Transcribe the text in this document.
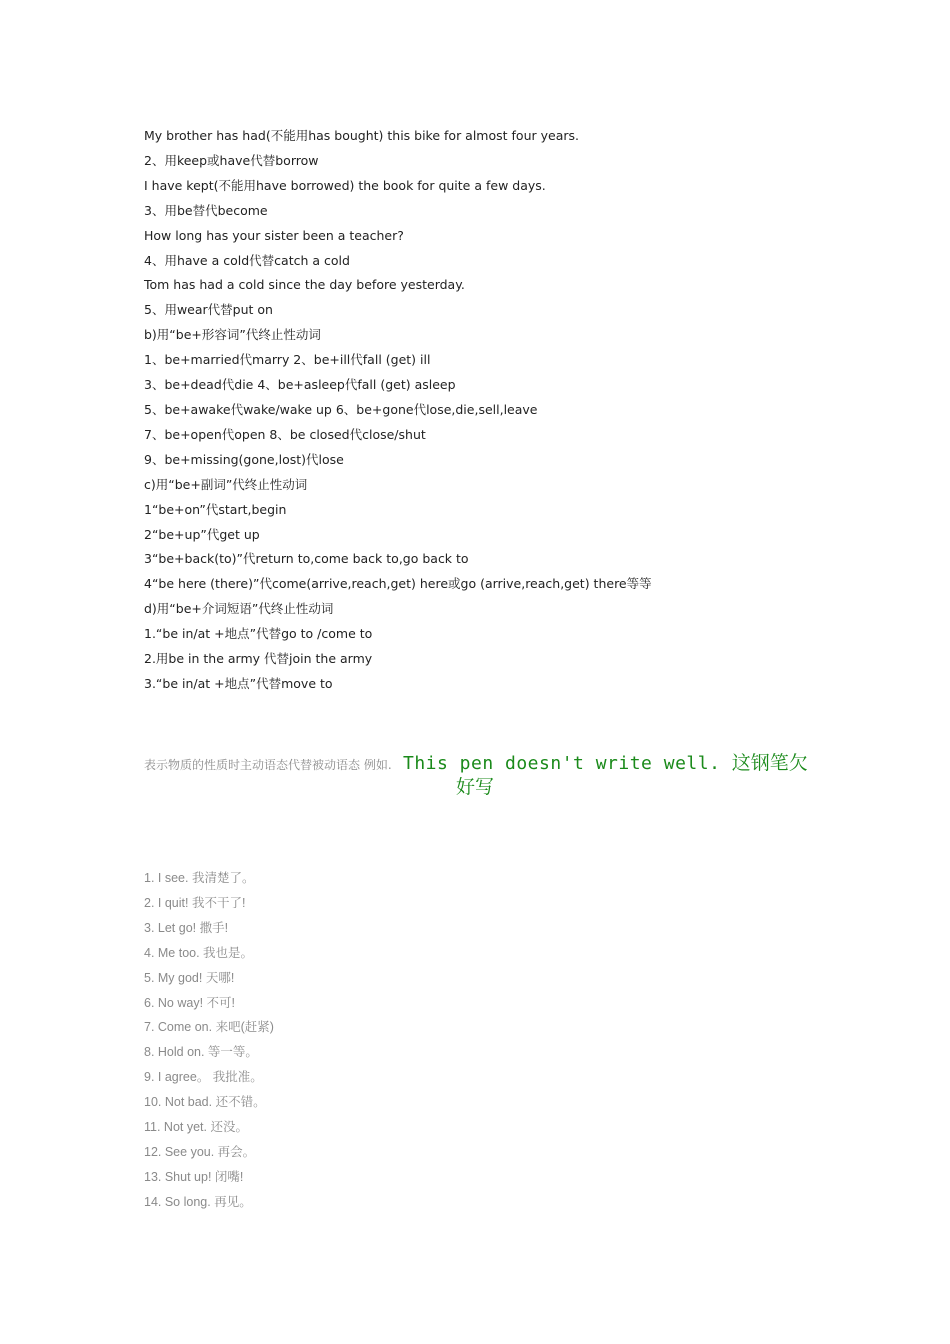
My brother has had(不能用has bought) this bike for almost four years.
2、用keep或have代替borrow
I have kept(不能用have borrowed) the book for quite a few days.
3、用be替代become
How long has your sister been a teacher?
4、用have a cold代替catch a cold
Tom has had a cold since the day before yesterday.
5、用wear代替put on
b)用“be+形容词”代终止性动词
1、be+married代marry 2、be+ill代fall (get) ill
3、be+dead代die 4、be+asleep代fall (get) asleep
5、be+awake代wake/wake up 6、be+gone代lose,die,sell,leave
7、be+open代open 8、be closed代close/shut
9、be+missing(gone,lost)代lose
c)用“be+副词”代终止性动词
1“be+on”代start,begin
2“be+up”代get up
3“be+back(to)”代return to,come back to,go back to
4“be here (there)”代come(arrive,reach,get) here或go (arrive,reach,get) there等等
d)用“be+介词短语”代终止性动词
1.“be in/at +地点”代替go to /come to
2.用be in the army 代替join the army
3.“be in/at +地点”代替move to
表示物质的性质时主动语态代替被动语态 例如. This pen doesn't write well. 这钢笔欠
好写
1. I see. 我清楚了。
2. I quit! 我不干了!
3. Let go! 撒手!
4. Me too. 我也是。
5. My god! 天哪!
6. No way! 不可!
7. Come on. 来吧(赶紧)
8. Hold on. 等一等。
9. I agree。 我批准。
10. Not bad. 还不错。
11. Not yet. 还没。
12. See you. 再会。
13. Shut up! 闭嘴!
14. So long. 再见。
